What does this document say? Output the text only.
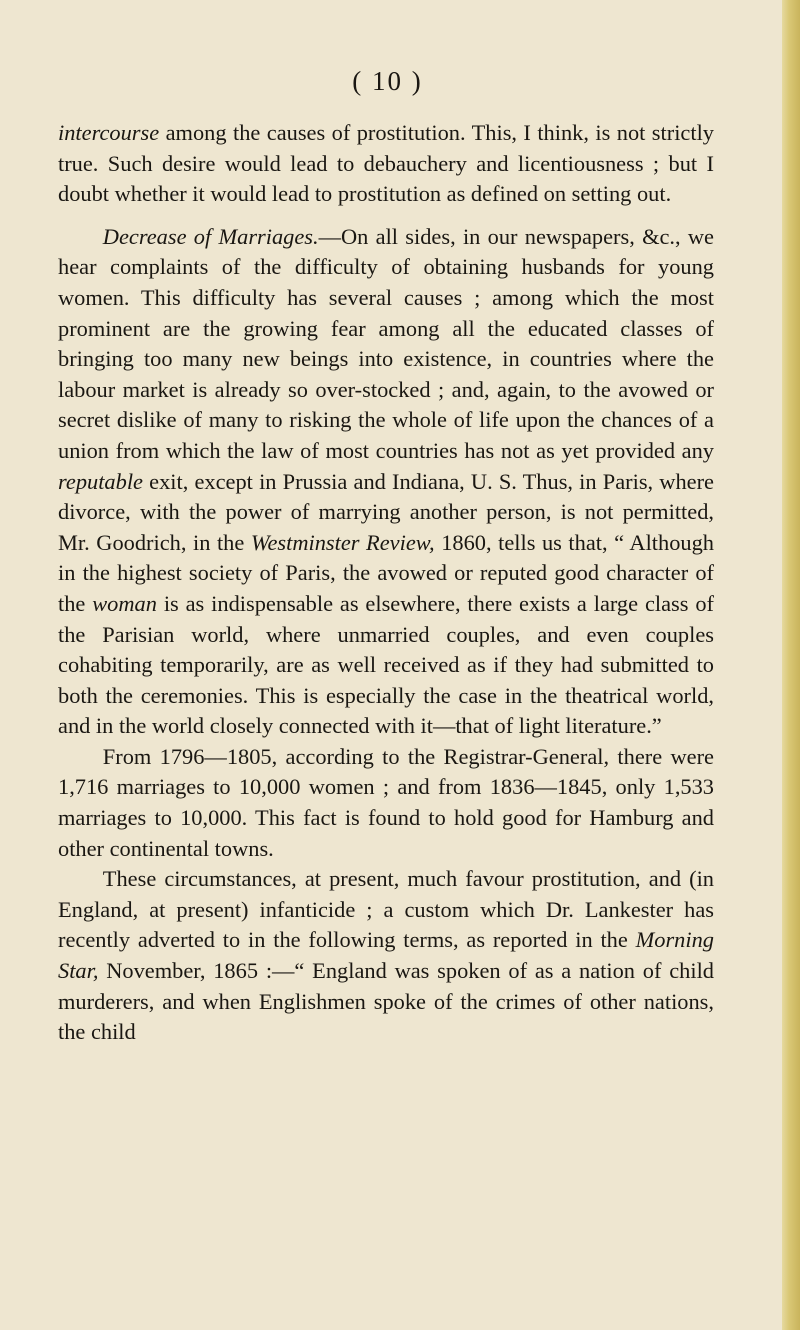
( 10 )

intercourse among the causes of prostitution. This, I think, is not strictly true. Such desire would lead to debauchery and licentiousness ; but I doubt whether it would lead to prostitution as defined on setting out.

Decrease of Marriages.—On all sides, in our newspapers, &c., we hear complaints of the difficulty of obtaining husbands for young women. This difficulty has several causes ; among which the most prominent are the growing fear among all the educated classes of bringing too many new beings into existence, in countries where the labour market is already so over-stocked ; and, again, to the avowed or secret dislike of many to risking the whole of life upon the chances of a union from which the law of most countries has not as yet provided any reputable exit, except in Prussia and Indiana, U. S. Thus, in Paris, where divorce, with the power of marrying another person, is not permitted, Mr. Goodrich, in the Westminster Review, 1860, tells us that, “ Although in the highest society of Paris, the avowed or reputed good character of the woman is as indispensable as elsewhere, there exists a large class of the Parisian world, where unmarried couples, and even couples cohabiting temporarily, are as well received as if they had submitted to both the ceremonies. This is especially the case in the theatrical world, and in the world closely connected with it—that of light literature.”

From 1796—1805, according to the Registrar-General, there were 1,716 marriages to 10,000 women ; and from 1836—1845, only 1,533 marriages to 10,000. This fact is found to hold good for Hamburg and other continental towns.

These circumstances, at present, much favour prostitution, and (in England, at present) infanticide ; a custom which Dr. Lankester has recently adverted to in the following terms, as reported in the Morning Star, November, 1865 :—“ England was spoken of as a nation of child murderers, and when Englishmen spoke of the crimes of other nations, the child
